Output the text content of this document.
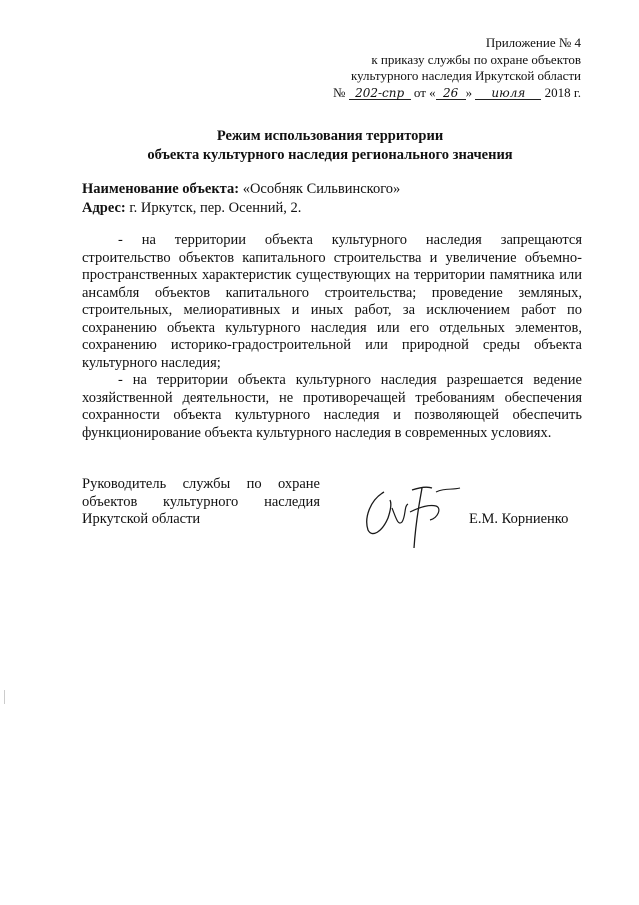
Приложение № 4
к приказу службы по охране объектов
культурного наследия Иркутской области
№ 202-спр от « 26 » июля 2018 г.
Режим использования территории
объекта культурного наследия регионального значения
Наименование объекта: «Особняк Сильвинского»
Адрес: г. Иркутск, пер. Осенний, 2.

- на территории объекта культурного наследия запрещаются строительство объектов капитального строительства и увеличение объемно-пространственных характеристик существующих на территории памятника или ансамбля объектов капитального строительства; проведение земляных, строительных, мелиоративных и иных работ, за исключением работ по сохранению объекта культурного наследия или его отдельных элементов, сохранению историко-градостроительной или природной среды объекта культурного наследия;

- на территории объекта культурного наследия разрешается ведение хозяйственной деятельности, не противоречащей требованиям обеспечения сохранности объекта культурного наследия и позволяющей обеспечить функционирование объекта культурного наследия в современных условиях.

Руководитель службы по охране объектов культурного наследия Иркутской области	Е.М. Корниенко
